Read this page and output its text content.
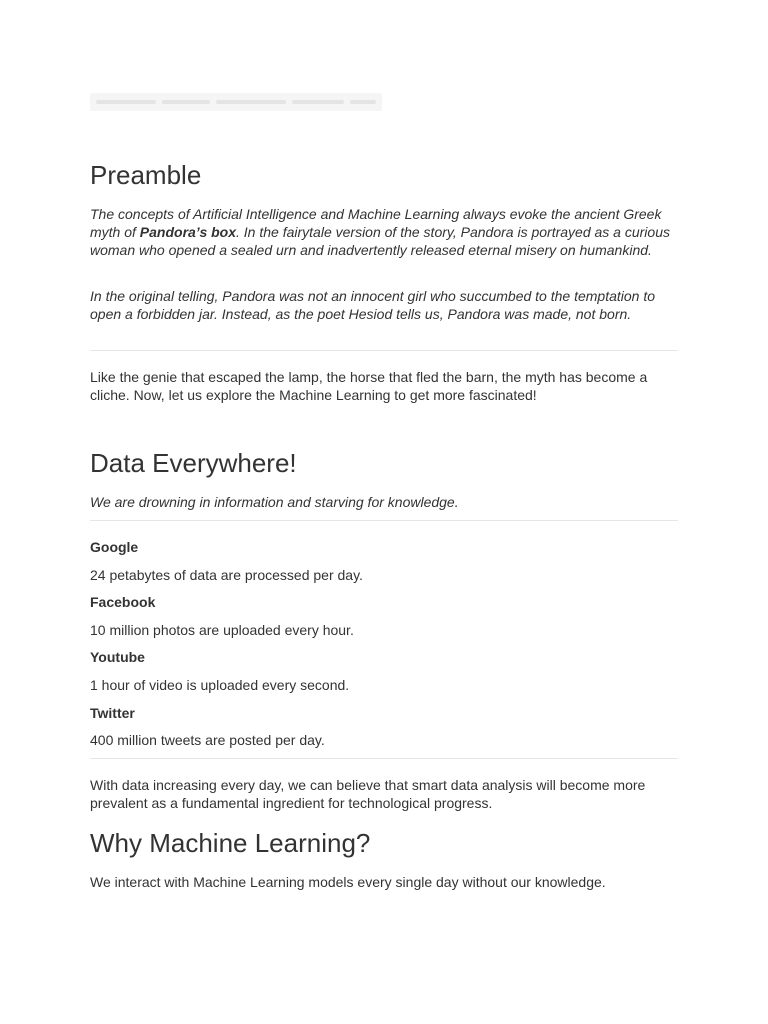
Preamble

The concepts of Artificial Intelligence and Machine Learning always evoke the ancient Greek myth of Pandora’s box. In the fairytale version of the story, Pandora is portrayed as a curious woman who opened a sealed urn and inadvertently released eternal misery on humankind.

In the original telling, Pandora was not an innocent girl who succumbed to the temptation to open a forbidden jar. Instead, as the poet Hesiod tells us, Pandora was made, not born.

Like the genie that escaped the lamp, the horse that fled the barn, the myth has become a cliche. Now, let us explore the Machine Learning to get more fascinated!

Data Everywhere!

We are drowning in information and starving for knowledge.

Google

24 petabytes of data are processed per day.

Facebook

10 million photos are uploaded every hour.

Youtube

1 hour of video is uploaded every second.

Twitter

400 million tweets are posted per day.

With data increasing every day, we can believe that smart data analysis will become more prevalent as a fundamental ingredient for technological progress.

Why Machine Learning?

We interact with Machine Learning models every single day without our knowledge.
